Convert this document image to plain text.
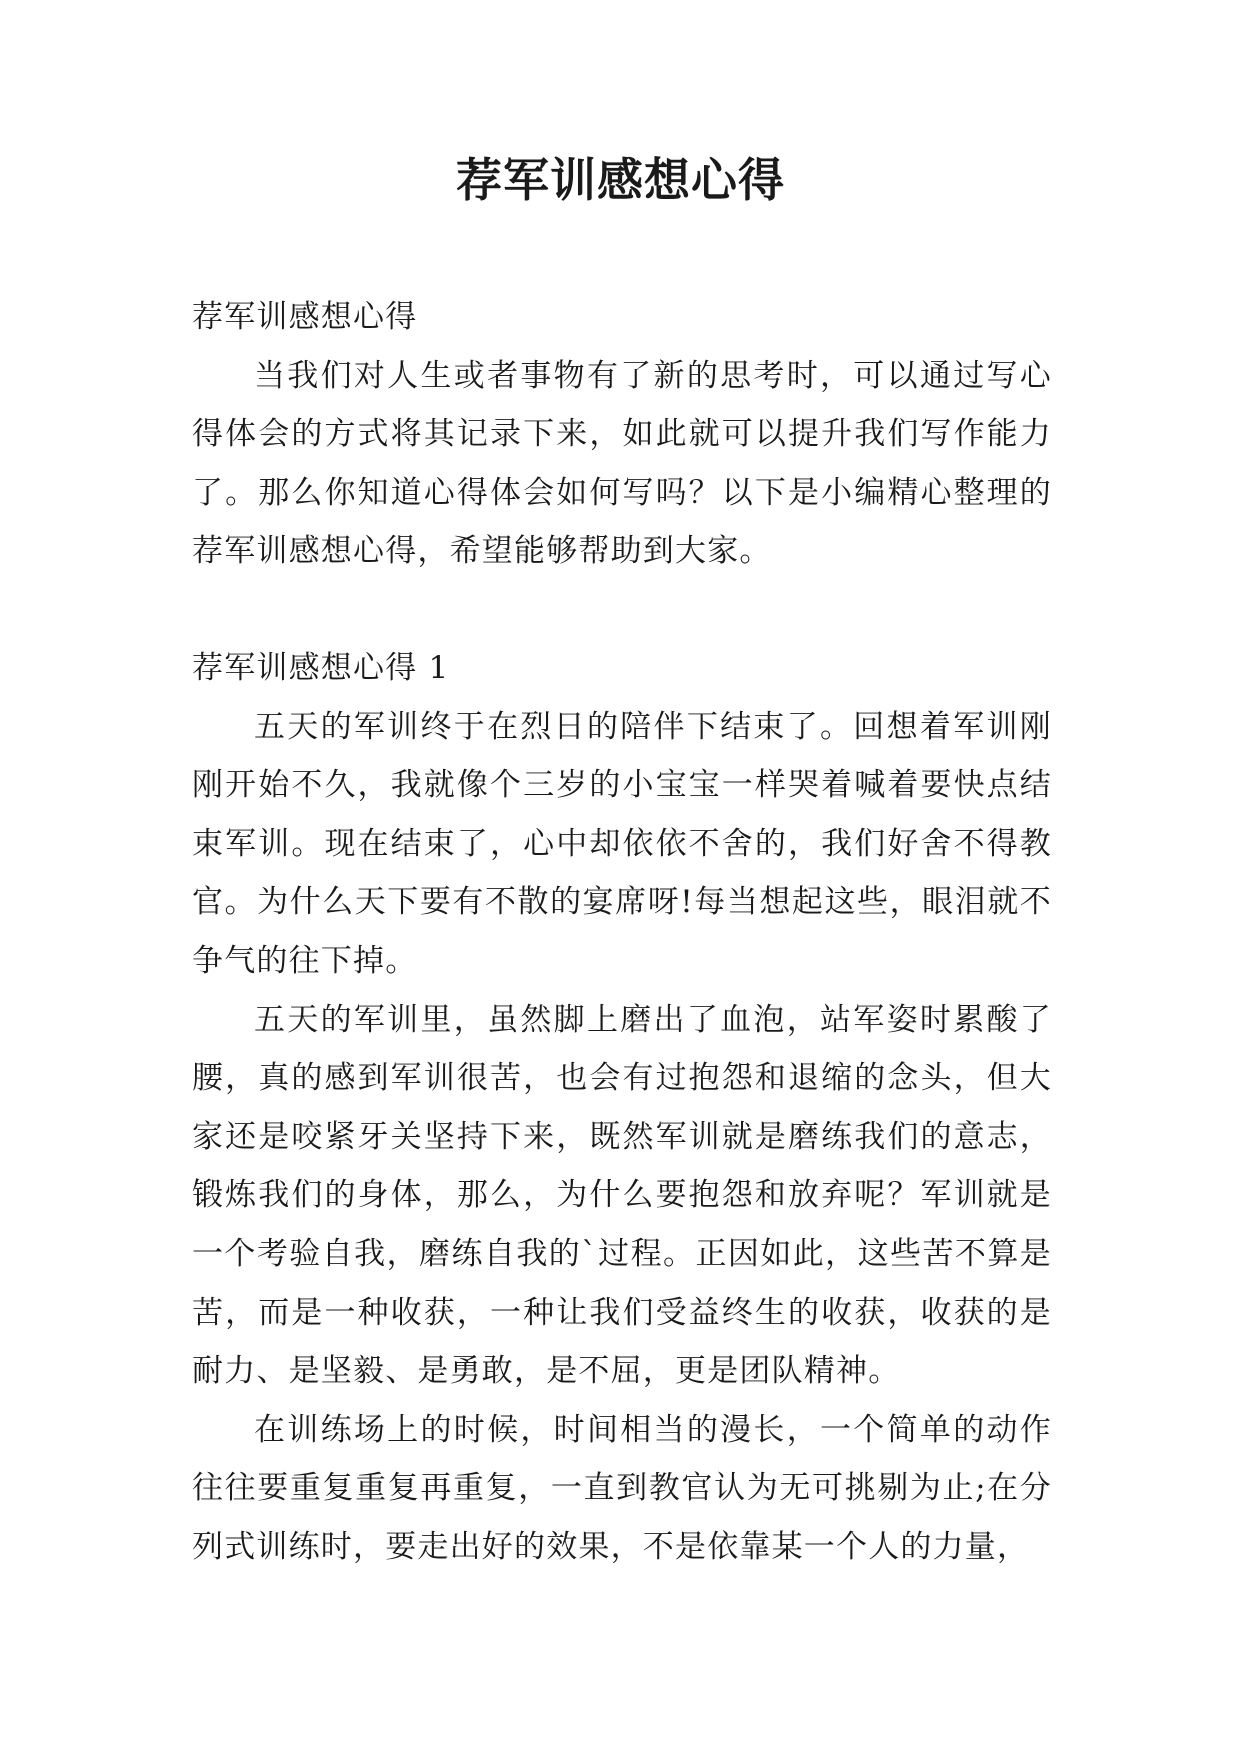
荐军训感想心得

荐军训感想心得

当我们对人生或者事物有了新的思考时，可以通过写心得体会的方式将其记录下来，如此就可以提升我们写作能力了。那么你知道心得体会如何写吗？以下是小编精心整理的荐军训感想心得，希望能够帮助到大家。

荐军训感想心得 1

五天的军训终于在烈日的陪伴下结束了。回想着军训刚刚开始不久，我就像个三岁的小宝宝一样哭着喊着要快点结束军训。现在结束了，心中却依依不舍的，我们好舍不得教官。为什么天下要有不散的宴席呀!每当想起这些，眼泪就不争气的往下掉。

五天的军训里，虽然脚上磨出了血泡，站军姿时累酸了腰，真的感到军训很苦，也会有过抱怨和退缩的念头，但大家还是咬紧牙关坚持下来，既然军训就是磨练我们的意志，锻炼我们的身体，那么，为什么要抱怨和放弃呢？军训就是一个考验自我，磨练自我的`过程。正因如此，这些苦不算是苦，而是一种收获，一种让我们受益终生的收获，收获的是耐力、是坚毅、是勇敢，是不屈，更是团队精神。

在训练场上的时候，时间相当的漫长，一个简单的动作往往要重复重复再重复，一直到教官认为无可挑剔为止;在分列式训练时，要走出好的效果，不是依靠某一个人的力量，
